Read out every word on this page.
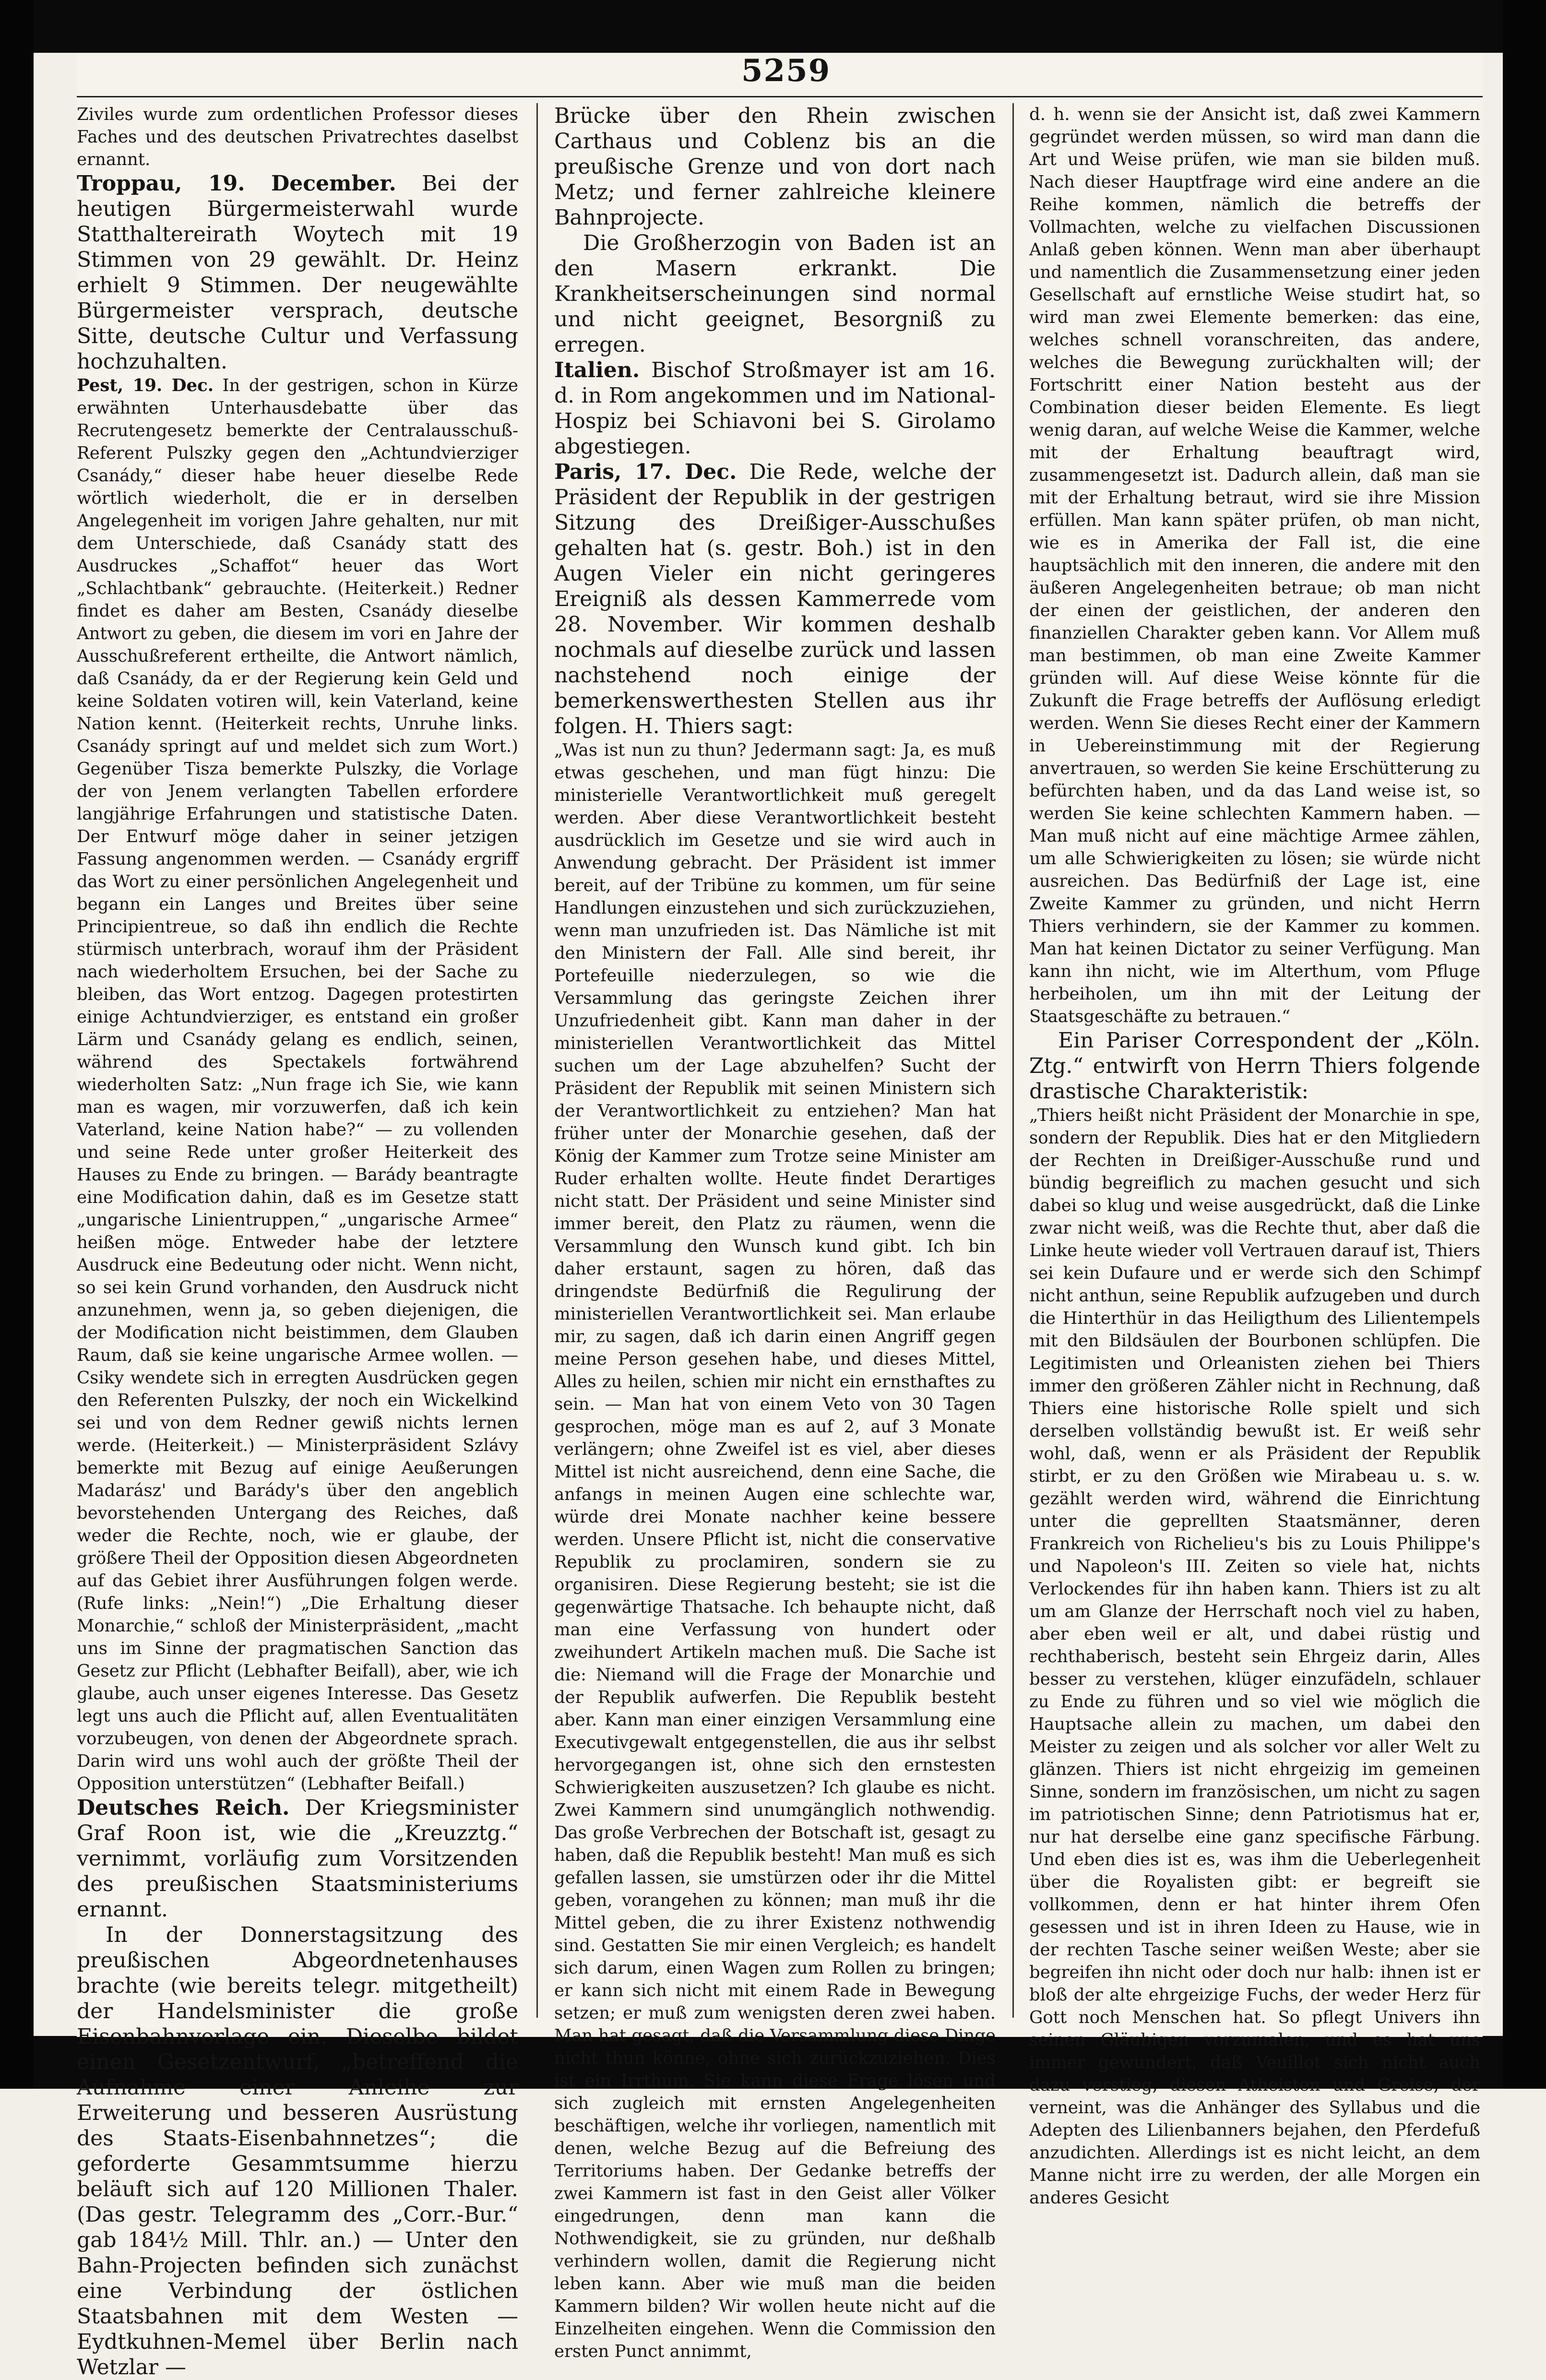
5259

Ziviles wurde zum ordentlichen Professor dieses Faches und des deutschen Privatrechtes daselbst ernannt.

Troppau, 19. December. Bei der heutigen Bürgermeisterwahl wurde Statthaltereirath Woytech mit 19 Stimmen von 29 gewählt. Dr. Heinz erhielt 9 Stimmen. Der neugewählte Bürgermeister versprach, deutsche Sitte, deutsche Cultur und Verfassung hochzuhalten.

Pest, 19. Dec. In der gestrigen, schon in Kürze erwähnten Unterhausdebatte über das Recrutengesetz bemerkte der Centralausschuß-Referent Pulszky gegen den „Achtundvierziger Csanády,“ dieser habe heuer dieselbe Rede wörtlich wiederholt, die er in derselben Angelegenheit im vorigen Jahre gehalten, nur mit dem Unterschiede, daß Csanády statt des Ausdruckes „Schaffot“ heuer das Wort „Schlachtbank“ gebrauchte. (Heiterkeit.) Redner findet es daher am Besten, Csanády dieselbe Antwort zu geben, die diesem im vori en Jahre der Ausschußreferent ertheilte, die Antwort nämlich, daß Csanády, da er der Regierung kein Geld und keine Soldaten votiren will, kein Vaterland, keine Nation kennt. (Heiterkeit rechts, Unruhe links. Csanády springt auf und meldet sich zum Wort.) Gegenüber Tisza bemerkte Pulszky, die Vorlage der von Jenem verlangten Tabellen erfordere langjährige Erfahrungen und statistische Daten. Der Entwurf möge daher in seiner jetzigen Fassung angenommen werden. — Csanády ergriff das Wort zu einer persönlichen Angelegenheit und begann ein Langes und Breites über seine Principientreue, so daß ihn endlich die Rechte stürmisch unterbrach, worauf ihm der Präsident nach wiederholtem Ersuchen, bei der Sache zu bleiben, das Wort entzog. Dagegen protestirten einige Achtundvierziger, es entstand ein großer Lärm und Csanády gelang es endlich, seinen, während des Spectakels fortwährend wiederholten Satz: „Nun frage ich Sie, wie kann man es wagen, mir vorzuwerfen, daß ich kein Vaterland, keine Nation habe?“ — zu vollenden und seine Rede unter großer Heiterkeit des Hauses zu Ende zu bringen. — Barády beantragte eine Modification dahin, daß es im Gesetze statt „ungarische Linientruppen,“ „ungarische Armee“ heißen möge. Entweder habe der letztere Ausdruck eine Bedeutung oder nicht. Wenn nicht, so sei kein Grund vorhanden, den Ausdruck nicht anzunehmen, wenn ja, so geben diejenigen, die der Modification nicht beistimmen, dem Glauben Raum, daß sie keine ungarische Armee wollen. — Csiky wendete sich in erregten Ausdrücken gegen den Referenten Pulszky, der noch ein Wickelkind sei und von dem Redner gewiß nichts lernen werde. (Heiterkeit.) — Ministerpräsident Szlávy bemerkte mit Bezug auf einige Aeußerungen Madarász' und Barády's über den angeblich bevorstehenden Untergang des Reiches, daß weder die Rechte, noch, wie er glaube, der größere Theil der Opposition diesen Abgeordneten auf das Gebiet ihrer Ausführungen folgen werde. (Rufe links: „Nein!“) „Die Erhaltung dieser Monarchie,“ schloß der Ministerpräsident, „macht uns im Sinne der pragmatischen Sanction das Gesetz zur Pflicht (Lebhafter Beifall), aber, wie ich glaube, auch unser eigenes Interesse. Das Gesetz legt uns auch die Pflicht auf, allen Eventualitäten vorzubeugen, von denen der Abgeordnete sprach. Darin wird uns wohl auch der größte Theil der Opposition unterstützen“ (Lebhafter Beifall.)

Deutsches Reich. Der Kriegsminister Graf Roon ist, wie die „Kreuzztg.“ vernimmt, vorläufig zum Vorsitzenden des preußischen Staatsministeriums ernannt.

In der Donnerstagsitzung des preußischen Abgeordnetenhauses brachte (wie bereits telegr. mitgetheilt) der Handelsminister die große Eisenbahnvorlage ein. Dieselbe bildet einen Gesetzentwurf, „betreffend die Aufnahme einer Anleihe zur Erweiterung und besseren Ausrüstung des Staats-Eisenbahnnetzes“; die geforderte Gesammtsumme hierzu beläuft sich auf 120 Millionen Thaler. (Das gestr. Telegramm des „Corr.-Bur.“ gab 184½ Mill. Thlr. an.) — Unter den Bahn-Projecten befinden sich zunächst eine Verbindung der östlichen Staatsbahnen mit dem Westen — Eydtkuhnen-Memel über Berlin nach Wetzlar —

Brücke über den Rhein zwischen Carthaus und Coblenz bis an die preußische Grenze und von dort nach Metz; und ferner zahlreiche kleinere Bahnprojecte.

Die Großherzogin von Baden ist an den Masern erkrankt. Die Krankheitserscheinungen sind normal und nicht geeignet, Besorgniß zu erregen.

Italien. Bischof Stroßmayer ist am 16. d. in Rom angekommen und im National-Hospiz bei Schiavoni bei S. Girolamo abgestiegen.

Paris, 17. Dec. Die Rede, welche der Präsident der Republik in der gestrigen Sitzung des Dreißiger-Ausschußes gehalten hat (s. gestr. Boh.) ist in den Augen Vieler ein nicht geringeres Ereigniß als dessen Kammerrede vom 28. November. Wir kommen deshalb nochmals auf dieselbe zurück und lassen nachstehend noch einige der bemerkenswerthesten Stellen aus ihr folgen. H. Thiers sagt:

„Was ist nun zu thun? Jedermann sagt: Ja, es muß etwas geschehen, und man fügt hinzu: Die ministerielle Verantwortlichkeit muß geregelt werden. Aber diese Verantwortlichkeit besteht ausdrücklich im Gesetze und sie wird auch in Anwendung gebracht. Der Präsident ist immer bereit, auf der Tribüne zu kommen, um für seine Handlungen einzustehen und sich zurückzuziehen, wenn man unzufrieden ist. Das Nämliche ist mit den Ministern der Fall. Alle sind bereit, ihr Portefeuille niederzulegen, so wie die Versammlung das geringste Zeichen ihrer Unzufriedenheit gibt. Kann man daher in der ministeriellen Verantwortlichkeit das Mittel suchen um der Lage abzuhelfen? Sucht der Präsident der Republik mit seinen Ministern sich der Verantwortlichkeit zu entziehen? Man hat früher unter der Monarchie gesehen, daß der König der Kammer zum Trotze seine Minister am Ruder erhalten wollte. Heute findet Derartiges nicht statt. Der Präsident und seine Minister sind immer bereit, den Platz zu räumen, wenn die Versammlung den Wunsch kund gibt. Ich bin daher erstaunt, sagen zu hören, daß das dringendste Bedürfniß die Regulirung der ministeriellen Verantwortlichkeit sei. Man erlaube mir, zu sagen, daß ich darin einen Angriff gegen meine Person gesehen habe, und dieses Mittel, Alles zu heilen, schien mir nicht ein ernsthaftes zu sein. — Man hat von einem Veto von 30 Tagen gesprochen, möge man es auf 2, auf 3 Monate verlängern; ohne Zweifel ist es viel, aber dieses Mittel ist nicht ausreichend, denn eine Sache, die anfangs in meinen Augen eine schlechte war, würde drei Monate nachher keine bessere werden. Unsere Pflicht ist, nicht die conservative Republik zu proclamiren, sondern sie zu organisiren. Diese Regierung besteht; sie ist die gegenwärtige Thatsache. Ich behaupte nicht, daß man eine Verfassung von hundert oder zweihundert Artikeln machen muß. Die Sache ist die: Niemand will die Frage der Monarchie und der Republik aufwerfen. Die Republik besteht aber. Kann man einer einzigen Versammlung eine Executivgewalt entgegenstellen, die aus ihr selbst hervorgegangen ist, ohne sich den ernstesten Schwierigkeiten auszusetzen? Ich glaube es nicht. Zwei Kammern sind unumgänglich nothwendig. Das große Verbrechen der Botschaft ist, gesagt zu haben, daß die Republik besteht! Man muß es sich gefallen lassen, sie umstürzen oder ihr die Mittel geben, vorangehen zu können; man muß ihr die Mittel geben, die zu ihrer Existenz nothwendig sind. Gestatten Sie mir einen Vergleich; es handelt sich darum, einen Wagen zum Rollen zu bringen; er kann sich nicht mit einem Rade in Bewegung setzen; er muß zum wenigsten deren zwei haben. Man hat gesagt, daß die Versammlung diese Dinge nicht thun könne, ohne sich zurückzuziehen. Dies ist ein Irrthum. Sie kann diese Frage lösen und sich zugleich mit ernsten Angelegenheiten beschäftigen, welche ihr vorliegen, namentlich mit denen, welche Bezug auf die Befreiung des Territoriums haben. Der Gedanke betreffs der zwei Kammern ist fast in den Geist aller Völker eingedrungen, denn man kann die Nothwendigkeit, sie zu gründen, nur deßhalb verhindern wollen, damit die Regierung nicht leben kann. Aber wie muß man die beiden Kammern bilden? Wir wollen heute nicht auf die Einzelheiten eingehen. Wenn die Commission den ersten Punct annimmt,

d. h. wenn sie der Ansicht ist, daß zwei Kammern gegründet werden müssen, so wird man dann die Art und Weise prüfen, wie man sie bilden muß. Nach dieser Hauptfrage wird eine andere an die Reihe kommen, nämlich die betreffs der Vollmachten, welche zu vielfachen Discussionen Anlaß geben können. Wenn man aber überhaupt und namentlich die Zusammensetzung einer jeden Gesellschaft auf ernstliche Weise studirt hat, so wird man zwei Elemente bemerken: das eine, welches schnell voranschreiten, das andere, welches die Bewegung zurückhalten will; der Fortschritt einer Nation besteht aus der Combination dieser beiden Elemente. Es liegt wenig daran, auf welche Weise die Kammer, welche mit der Erhaltung beauftragt wird, zusammengesetzt ist. Dadurch allein, daß man sie mit der Erhaltung betraut, wird sie ihre Mission erfüllen. Man kann später prüfen, ob man nicht, wie es in Amerika der Fall ist, die eine hauptsächlich mit den inneren, die andere mit den äußeren Angelegenheiten betraue; ob man nicht der einen der geistlichen, der anderen den finanziellen Charakter geben kann. Vor Allem muß man bestimmen, ob man eine Zweite Kammer gründen will. Auf diese Weise könnte für die Zukunft die Frage betreffs der Auflösung erledigt werden. Wenn Sie dieses Recht einer der Kammern in Uebereinstimmung mit der Regierung anvertrauen, so werden Sie keine Erschütterung zu befürchten haben, und da das Land weise ist, so werden Sie keine schlechten Kammern haben. — Man muß nicht auf eine mächtige Armee zählen, um alle Schwierigkeiten zu lösen; sie würde nicht ausreichen. Das Bedürfniß der Lage ist, eine Zweite Kammer zu gründen, und nicht Herrn Thiers verhindern, sie der Kammer zu kommen. Man hat keinen Dictator zu seiner Verfügung. Man kann ihn nicht, wie im Alterthum, vom Pfluge herbeiholen, um ihn mit der Leitung der Staatsgeschäfte zu betrauen.“

Ein Pariser Correspondent der „Köln. Ztg.“ entwirft von Herrn Thiers folgende drastische Charakteristik:

„Thiers heißt nicht Präsident der Monarchie in spe, sondern der Republik. Dies hat er den Mitgliedern der Rechten in Dreißiger-Ausschuße rund und bündig begreiflich zu machen gesucht und sich dabei so klug und weise ausgedrückt, daß die Linke zwar nicht weiß, was die Rechte thut, aber daß die Linke heute wieder voll Vertrauen darauf ist, Thiers sei kein Dufaure und er werde sich den Schimpf nicht anthun, seine Republik aufzugeben und durch die Hinterthür in das Heiligthum des Lilientempels mit den Bildsäulen der Bourbonen schlüpfen. Die Legitimisten und Orleanisten ziehen bei Thiers immer den größeren Zähler nicht in Rechnung, daß Thiers eine historische Rolle spielt und sich derselben vollständig bewußt ist. Er weiß sehr wohl, daß, wenn er als Präsident der Republik stirbt, er zu den Größen wie Mirabeau u. s. w. gezählt werden wird, während die Einrichtung unter die geprellten Staatsmänner, deren Frankreich von Richelieu's bis zu Louis Philippe's und Napoleon's III. Zeiten so viele hat, nichts Verlockendes für ihn haben kann. Thiers ist zu alt um am Glanze der Herrschaft noch viel zu haben, aber eben weil er alt, und dabei rüstig und rechthaberisch, besteht sein Ehrgeiz darin, Alles besser zu verstehen, klüger einzufädeln, schlauer zu Ende zu führen und so viel wie möglich die Hauptsache allein zu machen, um dabei den Meister zu zeigen und als solcher vor aller Welt zu glänzen. Thiers ist nicht ehrgeizig im gemeinen Sinne, sondern im französischen, um nicht zu sagen im patriotischen Sinne; denn Patriotismus hat er, nur hat derselbe eine ganz specifische Färbung. Und eben dies ist es, was ihm die Ueberlegenheit über die Royalisten gibt: er begreift sie vollkommen, denn er hat hinter ihrem Ofen gesessen und ist in ihren Ideen zu Hause, wie in der rechten Tasche seiner weißen Weste; aber sie begreifen ihn nicht oder doch nur halb: ihnen ist er bloß der alte ehrgeizige Fuchs, der weder Herz für Gott noch Menschen hat. So pflegt Univers ihn seinen Gläubigen vorzumalen, und es hat uns immer gewundert, daß Veuillot sich nicht auch dazu verstieg, diesen Atheisten und Greise, der verneint, was die Anhänger des Syllabus und die Adepten des Lilienbanners bejahen, den Pferdefuß anzudichten. Allerdings ist es nicht leicht, an dem Manne nicht irre zu werden, der alle Morgen ein anderes Gesicht
